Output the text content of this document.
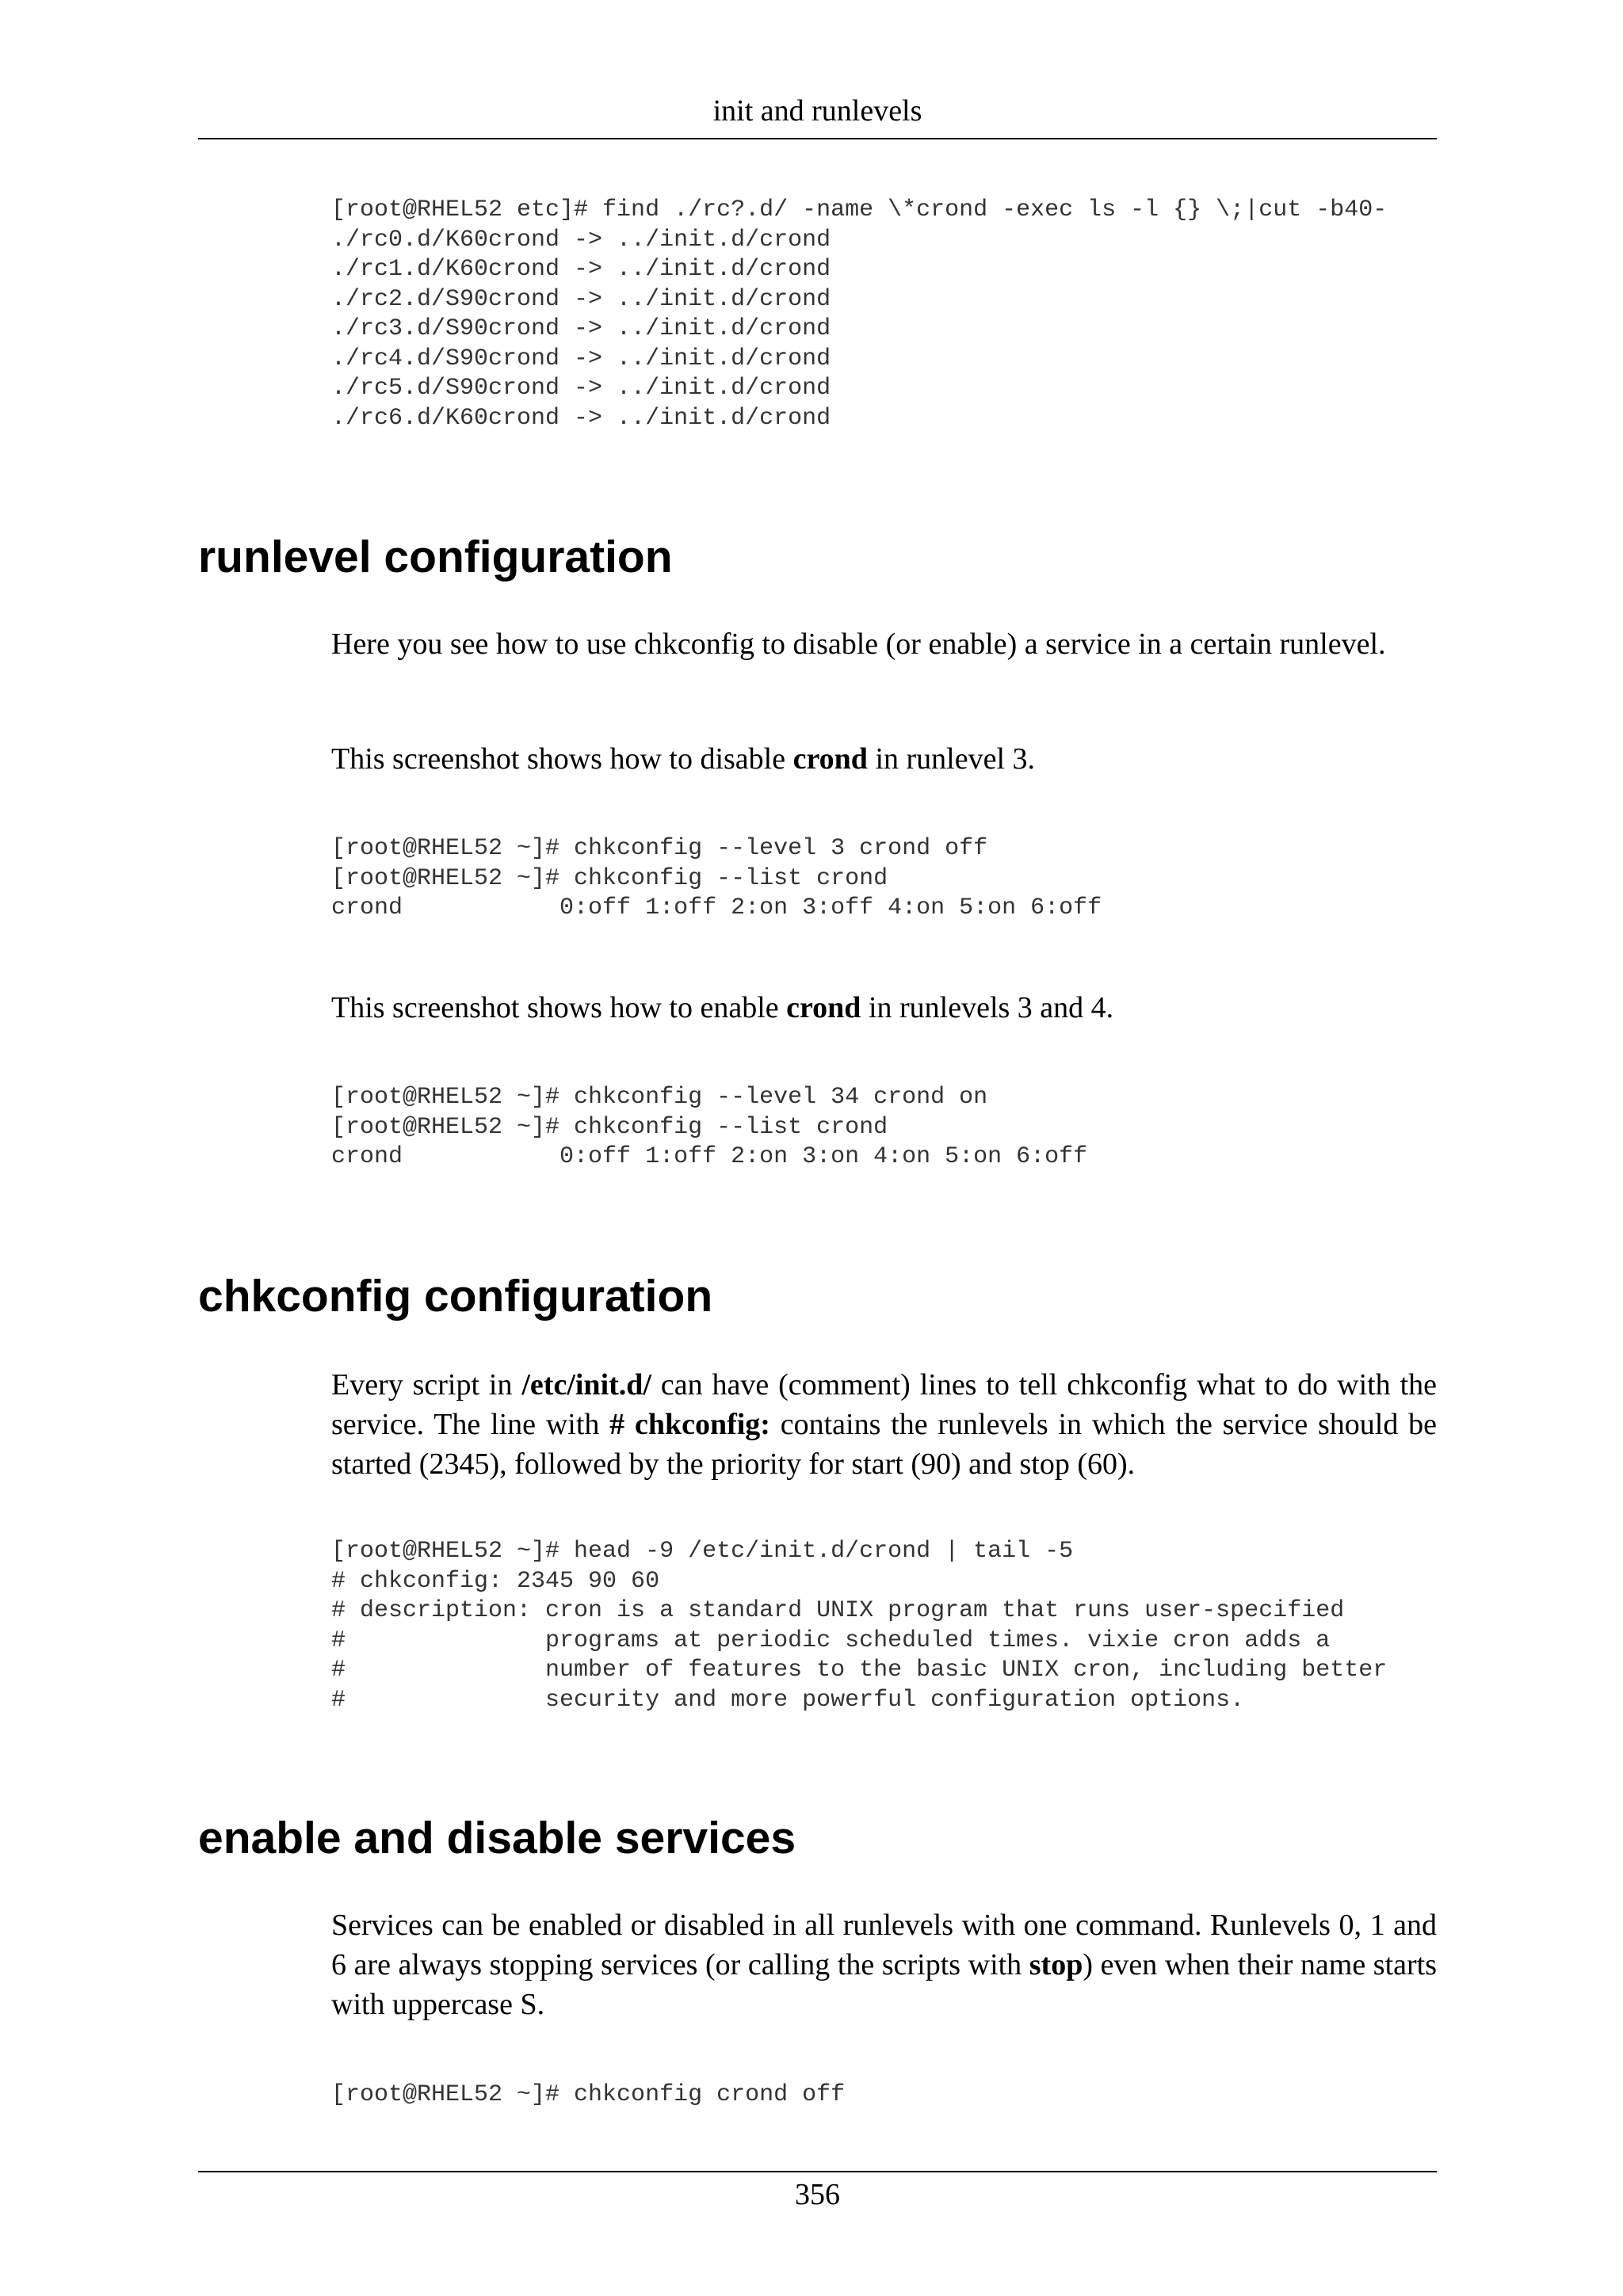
init and runlevels
[root@RHEL52 etc]# find ./rc?.d/ -name \*crond -exec ls -l {} \;|cut -b40-
./rc0.d/K60crond -> ../init.d/crond
./rc1.d/K60crond -> ../init.d/crond
./rc2.d/S90crond -> ../init.d/crond
./rc3.d/S90crond -> ../init.d/crond
./rc4.d/S90crond -> ../init.d/crond
./rc5.d/S90crond -> ../init.d/crond
./rc6.d/K60crond -> ../init.d/crond
runlevel configuration

Here you see how to use chkconfig to disable (or enable) a service in a certain runlevel.

This screenshot shows how to disable crond in runlevel 3.

[root@RHEL52 ~]# chkconfig --level 3 crond off
[root@RHEL52 ~]# chkconfig --list crond
crond           0:off 1:off 2:on 3:off 4:on 5:on 6:off

This screenshot shows how to enable crond in runlevels 3 and 4.

[root@RHEL52 ~]# chkconfig --level 34 crond on
[root@RHEL52 ~]# chkconfig --list crond
crond           0:off 1:off 2:on 3:on 4:on 5:on 6:off
chkconfig configuration

Every script in /etc/init.d/ can have (comment) lines to tell chkconfig what to do with the service. The line with # chkconfig: contains the runlevels in which the service should be started (2345), followed by the priority for start (90) and stop (60).

[root@RHEL52 ~]# head -9 /etc/init.d/crond | tail -5
# chkconfig: 2345 90 60
# description: cron is a standard UNIX program that runs user-specified
#              programs at periodic scheduled times. vixie cron adds a
#              number of features to the basic UNIX cron, including better
#              security and more powerful configuration options.
enable and disable services

Services can be enabled or disabled in all runlevels with one command. Runlevels 0, 1 and 6 are always stopping services (or calling the scripts with stop) even when their name starts with uppercase S.

[root@RHEL52 ~]# chkconfig crond off
356
